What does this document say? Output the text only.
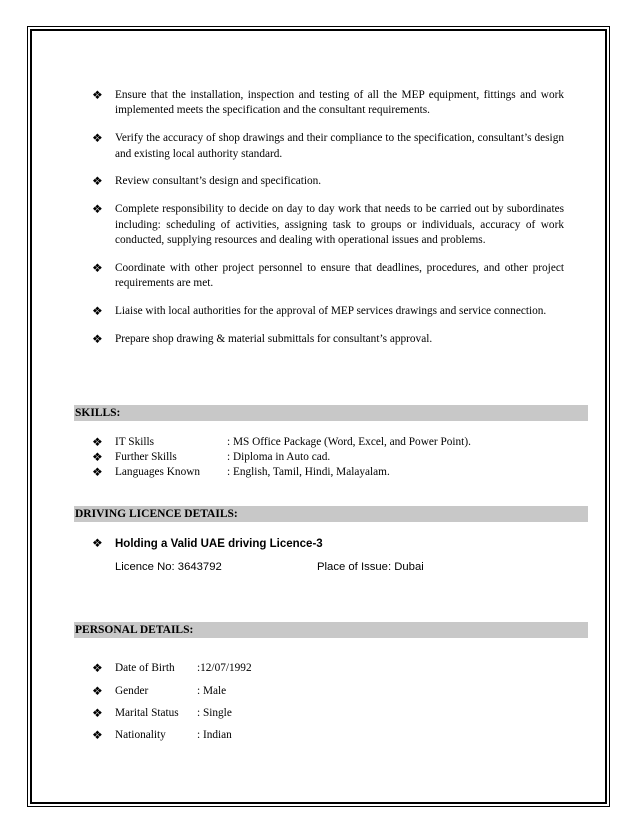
❖ Ensure that the installation, inspection and testing of all the MEP equipment, fittings and work implemented meets the specification and the consultant requirements.
❖ Verify the accuracy of shop drawings and their compliance to the specification, consultant’s design and existing local authority standard.
❖ Review consultant’s design and specification.
❖ Complete responsibility to decide on day to day work that needs to be carried out by subordinates including: scheduling of activities, assigning task to groups or individuals, accuracy of work conducted, supplying resources and dealing with operational issues and problems.
❖ Coordinate with other project personnel to ensure that deadlines, procedures, and other project requirements are met.
❖ Liaise with local authorities for the approval of MEP services drawings and service connection.
❖ Prepare shop drawing & material submittals for consultant’s approval.
SKILLS:
❖ IT Skills	: MS Office Package (Word, Excel, and Power Point).
❖ Further Skills	: Diploma in Auto cad.
❖ Languages Known : English, Tamil, Hindi, Malayalam.
DRIVING LICENCE DETAILS:
❖ Holding a Valid UAE driving Licence-3
Licence No: 3643792	Place of Issue: Dubai
PERSONAL DETAILS:
❖ Date of Birth :12/07/1992
❖ Gender	: Male
❖ Marital Status : Single
❖ Nationality	: Indian
